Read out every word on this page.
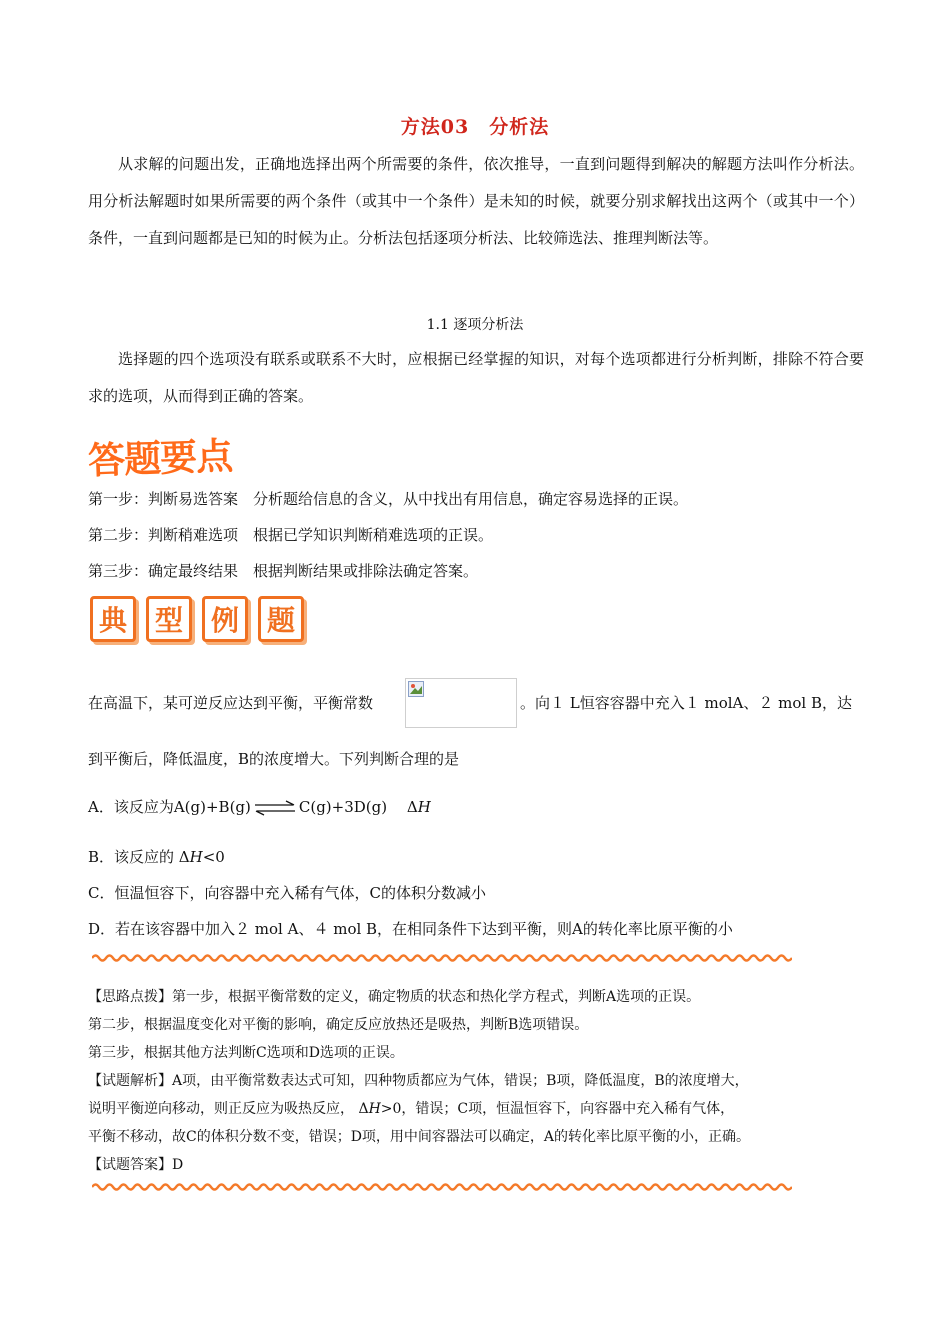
方法03 分析法
从求解的问题出发，正确地选择出两个所需要的条件，依次推导，一直到问题得到解决的解题方法叫作分析法。用分析法解题时如果所需要的两个条件（或其中一个条件）是未知的时候，就要分别求解找出这两个（或其中一个）条件，一直到问题都是已知的时候为止。分析法包括逐项分析法、比较筛选法、推理判断法等。
1.1 逐项分析法
选择题的四个选项没有联系或联系不大时，应根据已经掌握的知识，对每个选项都进行分析判断，排除不符合要求的选项，从而得到正确的答案。
答题要点
第一步：判断易选答案　分析题给信息的含义，从中找出有用信息，确定容易选择的正误。
第二步：判断稍难选项　根据已学知识判断稍难选项的正误。
第三步：确定最终结果　根据判断结果或排除法确定答案。
典 型 例 题
在高温下，某可逆反应达到平衡，平衡常数	。向１ L恒容容器中充入１ molA、２ mol B，达
到平衡后，降低温度，B的浓度增大。下列判断合理的是
A．该反应为A(g)+B(g) ⇌ C(g)+3D(g)　 ΔH
B．该反应的 ΔH<0
C．恒温恒容下，向容器中充入稀有气体，C的体积分数减小
D．若在该容器中加入２ mol A、４ mol B，在相同条件下达到平衡，则A的转化率比原平衡的小
【思路点拨】第一步，根据平衡常数的定义，确定物质的状态和热化学方程式，判断A选项的正误。
第二步，根据温度变化对平衡的影响，确定反应放热还是吸热，判断B选项错误。
第三步，根据其他方法判断C选项和D选项的正误。
【试题解析】A项，由平衡常数表达式可知，四种物质都应为气体，错误；B项，降低温度，B的浓度增大，
说明平衡逆向移动，则正反应为吸热反应， ΔH>0，错误；C项，恒温恒容下，向容器中充入稀有气体，
平衡不移动，故C的体积分数不变，错误；D项，用中间容器法可以确定，A的转化率比原平衡的小，正确。
【试题答案】D
